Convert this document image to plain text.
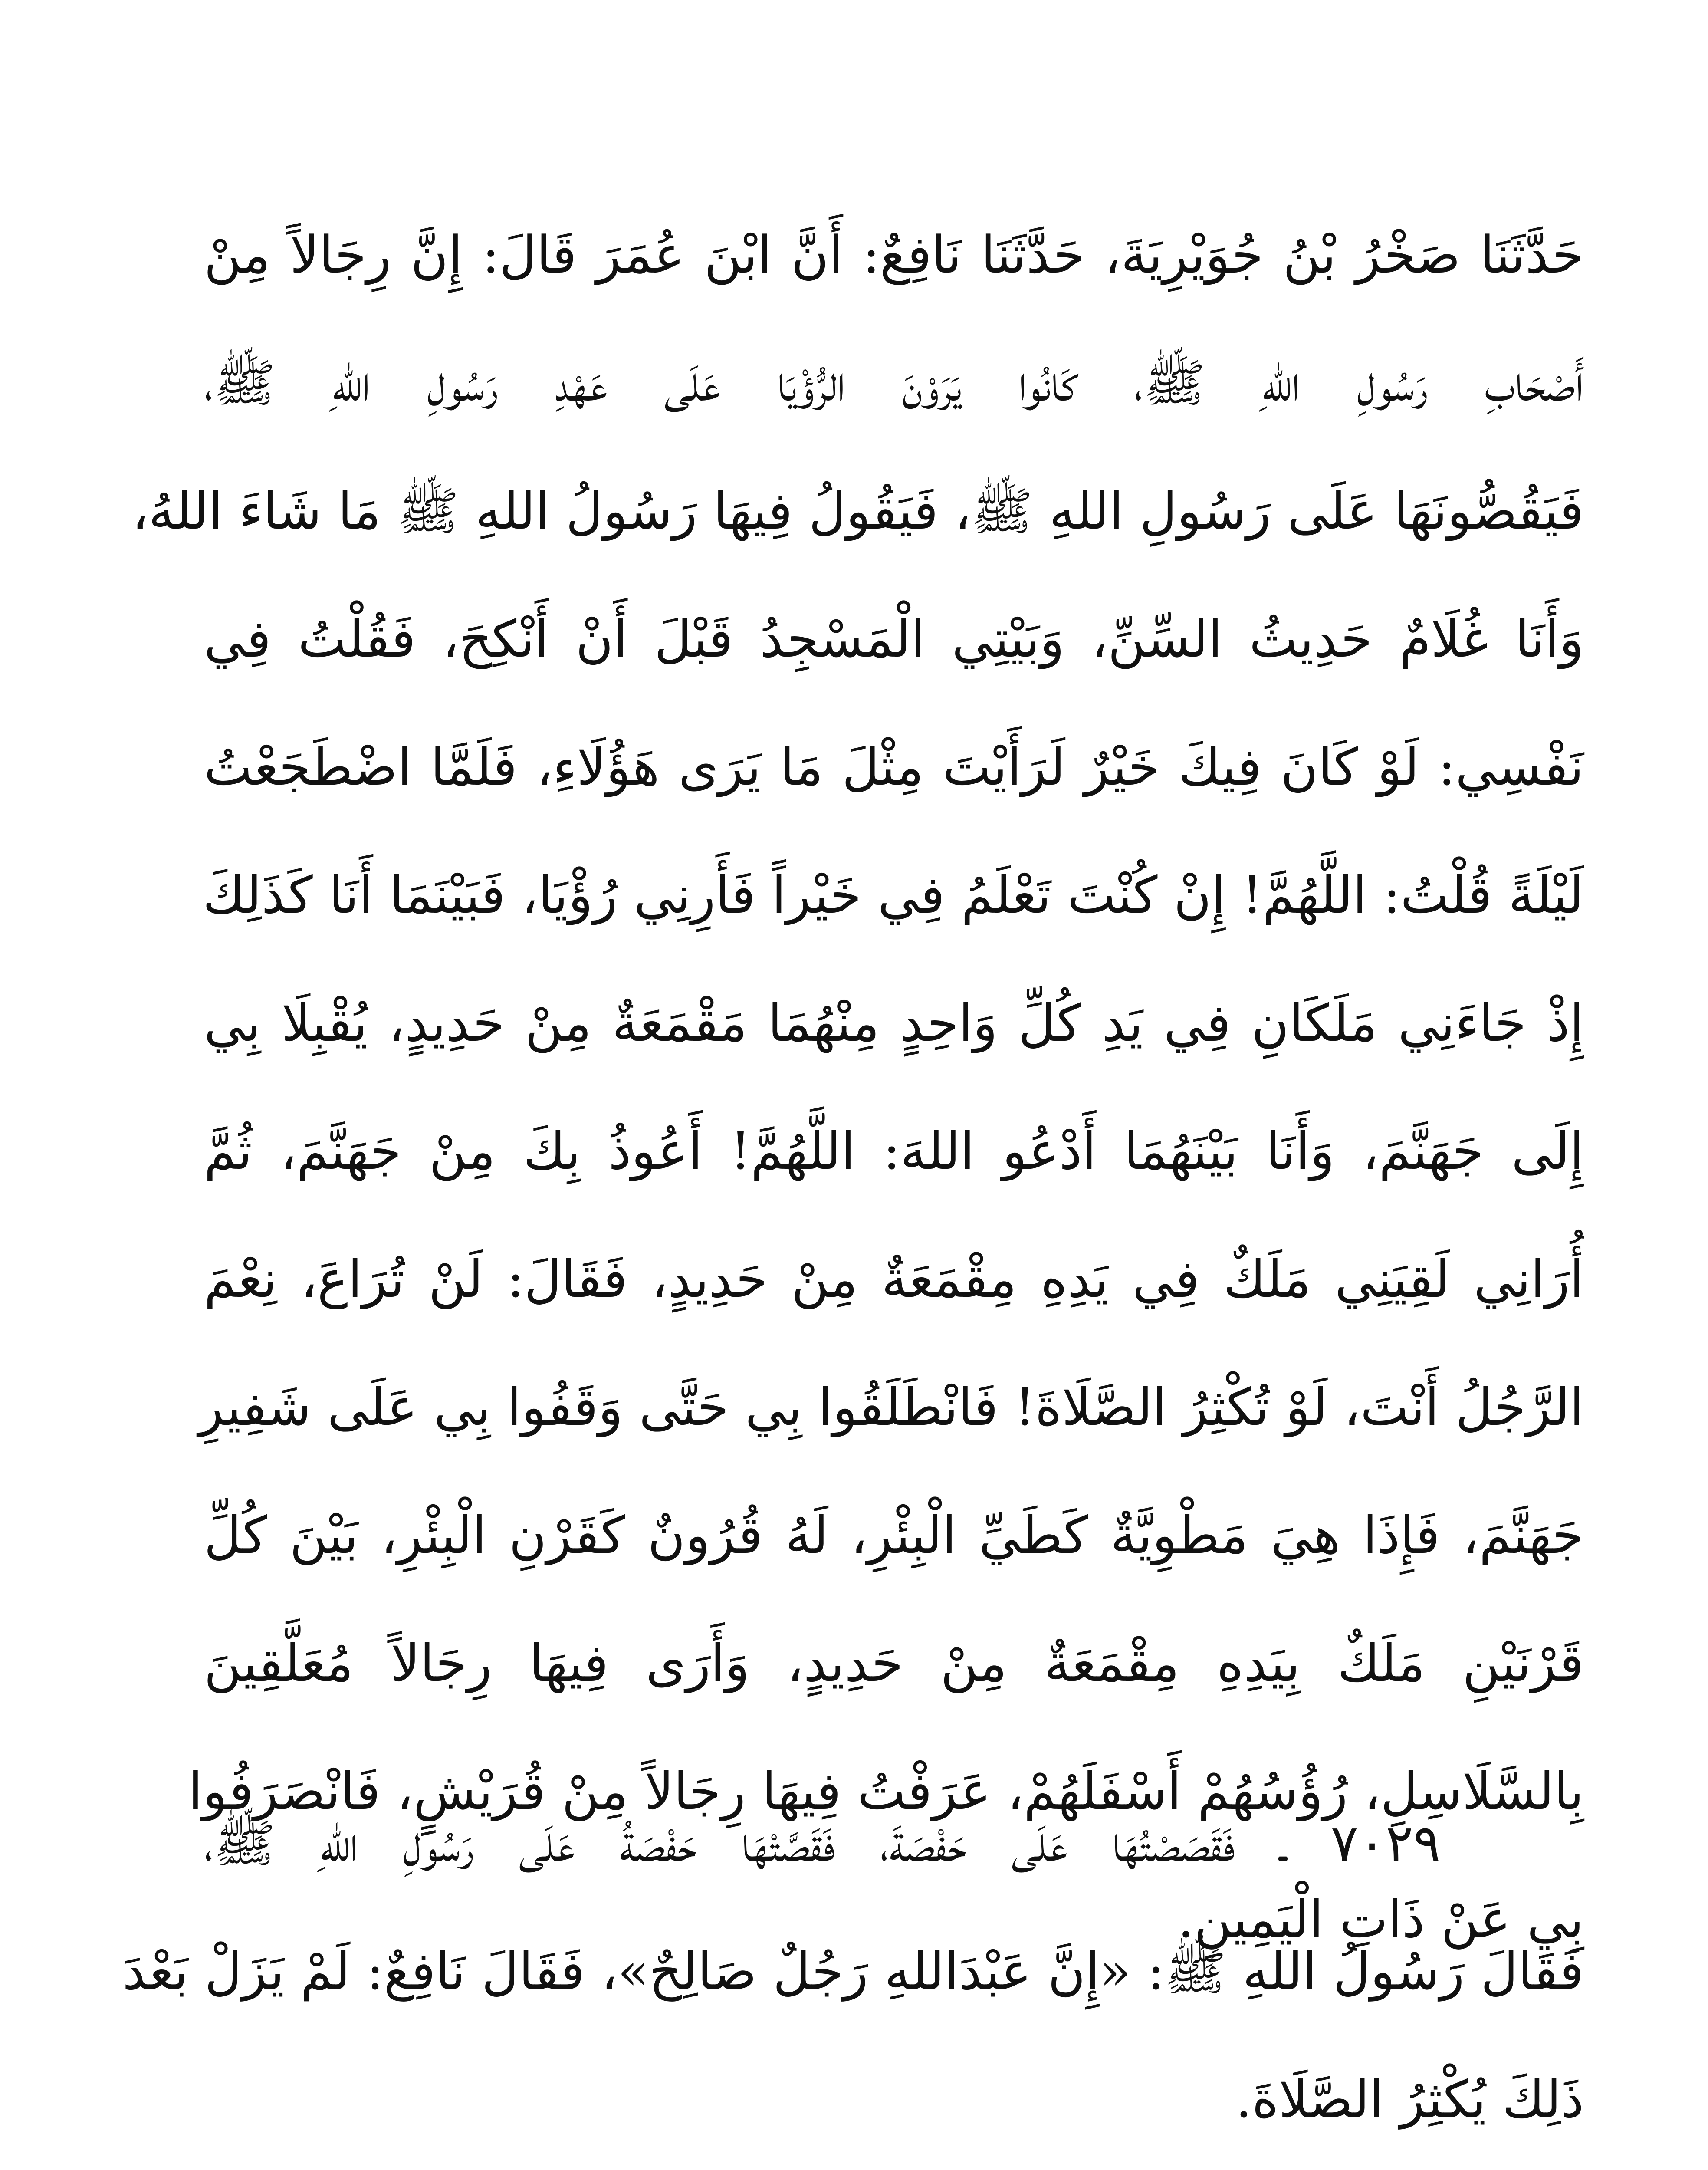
حَدَّثَنَا صَخْرُ بْنُ جُوَيْرِيَةَ، حَدَّثَنَا نَافِعٌ: أَنَّ ابْنَ عُمَرَ قَالَ: إِنَّ رِجَالاً مِنْ
أَصْحَابِ رَسُولِ اللهِ ﷺ، كَانُوا يَرَوْنَ الرُّؤْيَا عَلَى عَهْدِ رَسُولِ اللهِ ﷺ،
فَيَقُصُّونَهَا عَلَى رَسُولِ اللهِ ﷺ، فَيَقُولُ فِيهَا رَسُولُ اللهِ ﷺ مَا شَاءَ اللهُ،
وَأَنَا غُلَامٌ حَدِيثُ السِّنِّ، وَبَيْتِي الْمَسْجِدُ قَبْلَ أَنْ أَنْكِحَ، فَقُلْتُ فِي
نَفْسِي: لَوْ كَانَ فِيكَ خَيْرٌ لَرَأَيْتَ مِثْلَ مَا يَرَى هَؤُلَاءِ، فَلَمَّا اضْطَجَعْتُ
لَيْلَةً قُلْتُ: اللَّهُمَّ! إِنْ كُنْتَ تَعْلَمُ فِي خَيْراً فَأَرِنِي رُؤْيَا، فَبَيْنَمَا أَنَا كَذَلِكَ
إِذْ جَاءَنِي مَلَكَانِ فِي يَدِ كُلِّ وَاحِدٍ مِنْهُمَا مَقْمَعَةٌ مِنْ حَدِيدٍ، يُقْبِلَا بِي
إِلَى جَهَنَّمَ، وَأَنَا بَيْنَهُمَا أَدْعُو اللهَ: اللَّهُمَّ! أَعُوذُ بِكَ مِنْ جَهَنَّمَ، ثُمَّ
أُرَانِي لَقِيَنِي مَلَكٌ فِي يَدِهِ مِقْمَعَةٌ مِنْ حَدِيدٍ، فَقَالَ: لَنْ تُرَاعَ، نِعْمَ
الرَّجُلُ أَنْتَ، لَوْ تُكْثِرُ الصَّلَاةَ! فَانْطَلَقُوا بِي حَتَّى وَقَفُوا بِي عَلَى شَفِيرِ
جَهَنَّمَ، فَإِذَا هِيَ مَطْوِيَّةٌ كَطَيِّ الْبِئْرِ، لَهُ قُرُونٌ كَقَرْنِ الْبِئْرِ، بَيْنَ كُلِّ
قَرْنَيْنِ مَلَكٌ بِيَدِهِ مِقْمَعَةٌ مِنْ حَدِيدٍ، وَأَرَى فِيهَا رِجَالاً مُعَلَّقِينَ
بِالسَّلَاسِلِ، رُؤُسُهُمْ أَسْفَلَهُمْ، عَرَفْتُ فِيهَا رِجَالاً مِنْ قُرَيْشٍ، فَانْصَرَفُوا
بِي عَنْ ذَاتِ الْيَمِينِ.
٧٠٢٩ ـ فَقَصَصْتُهَا عَلَى حَفْصَةَ، فَقَصَّتْهَا حَفْصَةُ عَلَى رَسُولِ اللهِ ﷺ،
فَقَالَ رَسُولُ اللهِ ﷺ: «إِنَّ عَبْدَاللهِ رَجُلٌ صَالِحٌ»، فَقَالَ نَافِعٌ: لَمْ يَزَلْ بَعْدَ
ذَلِكَ يُكْثِرُ الصَّلَاةَ.
